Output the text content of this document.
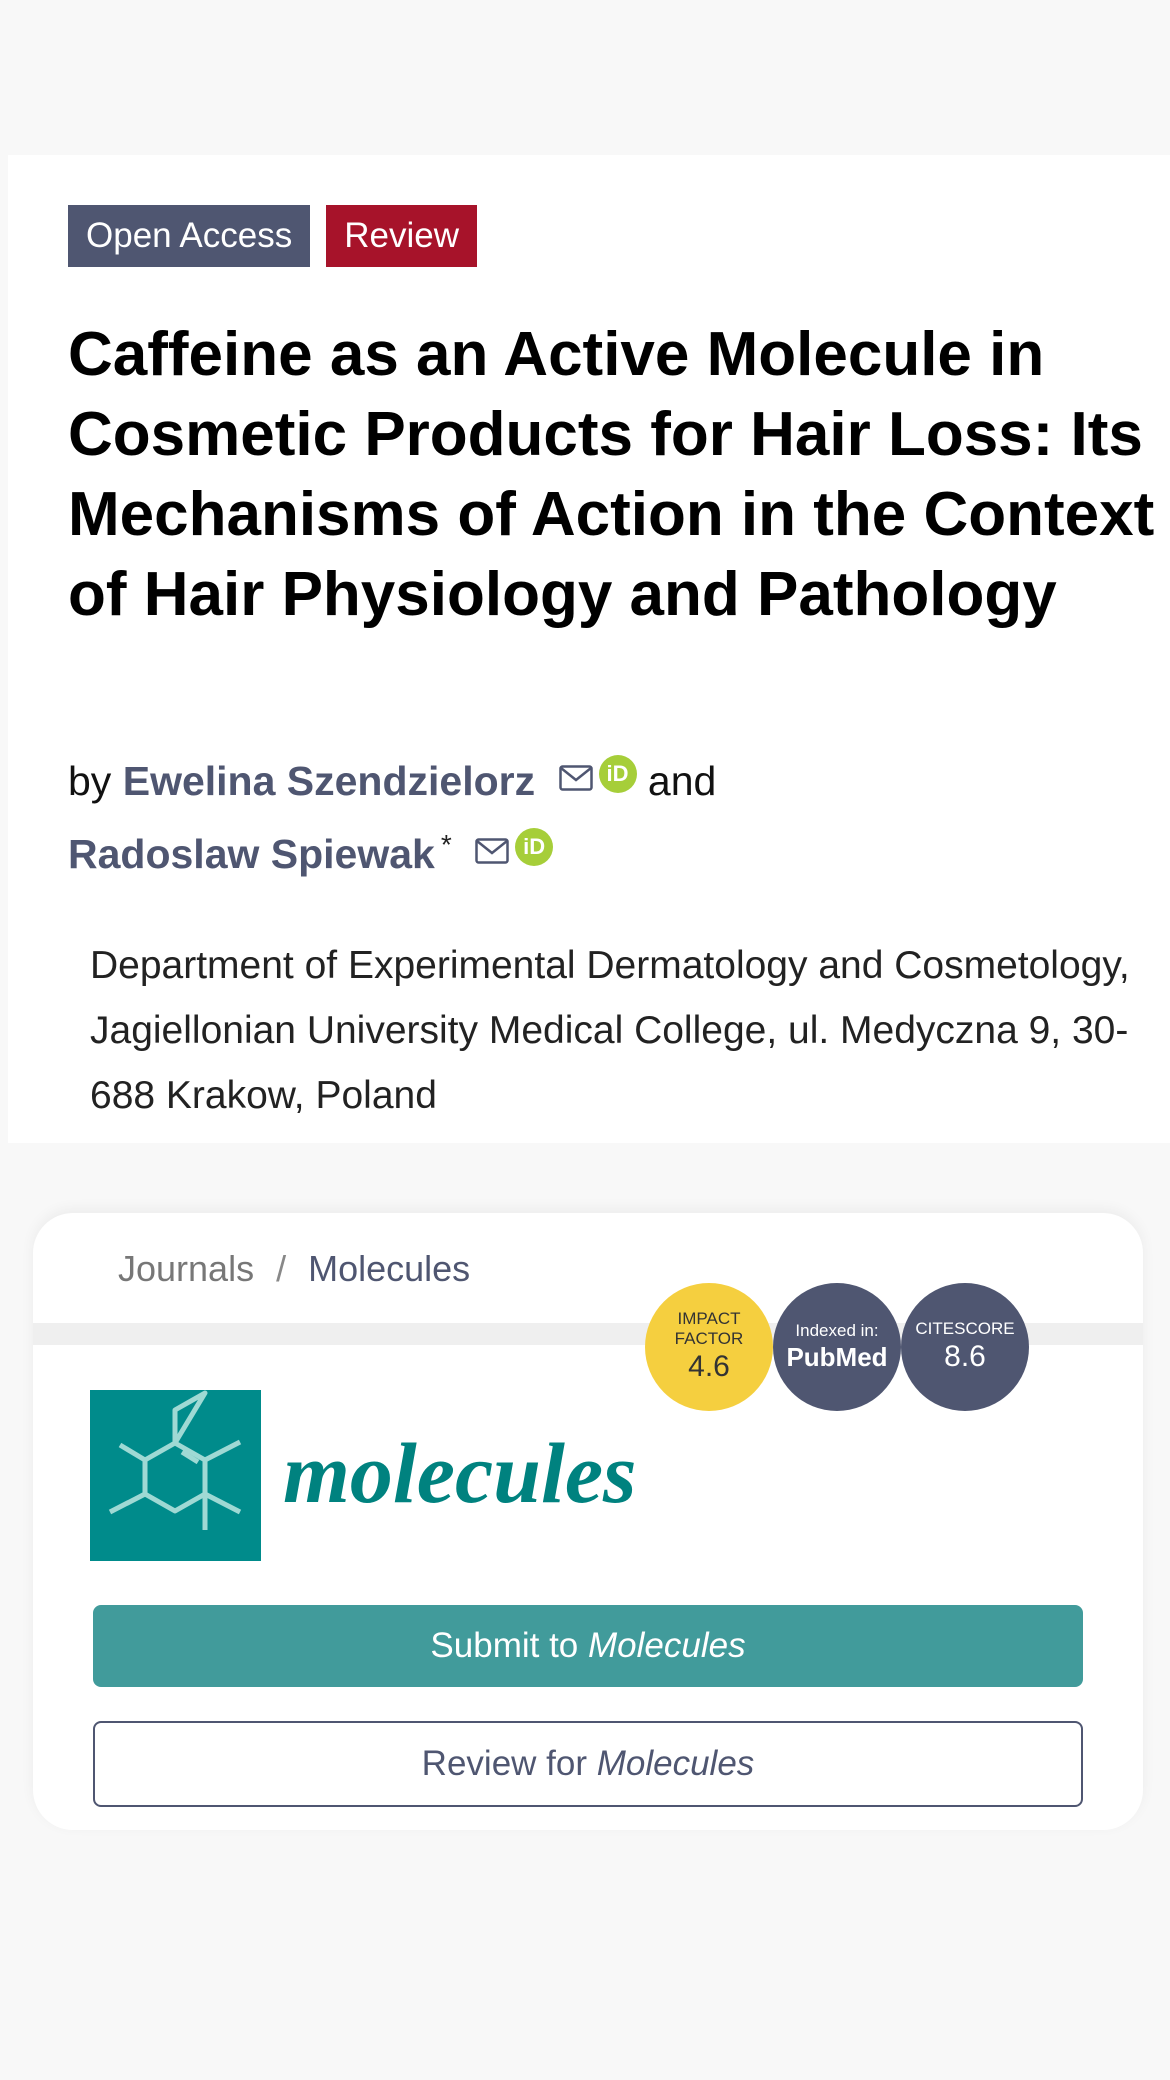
Open Access	Review
Caffeine as an Active Molecule in Cosmetic Products for Hair Loss: Its Mechanisms of Action in the Context of Hair Physiology and Pathology
by Ewelina Szendzielorz	iD and
Radoslaw Spiewak *	iD
Department of Experimental Dermatology and Cosmetology, Jagiellonian University Medical College, ul. Medyczna 9, 30-688 Krakow, Poland
Journals / Molecules
IMPACT
FACTOR
4.6
Indexed in:
PubMed
CITESCORE
8.6
molecules
Submit to Molecules
Review for Molecules
